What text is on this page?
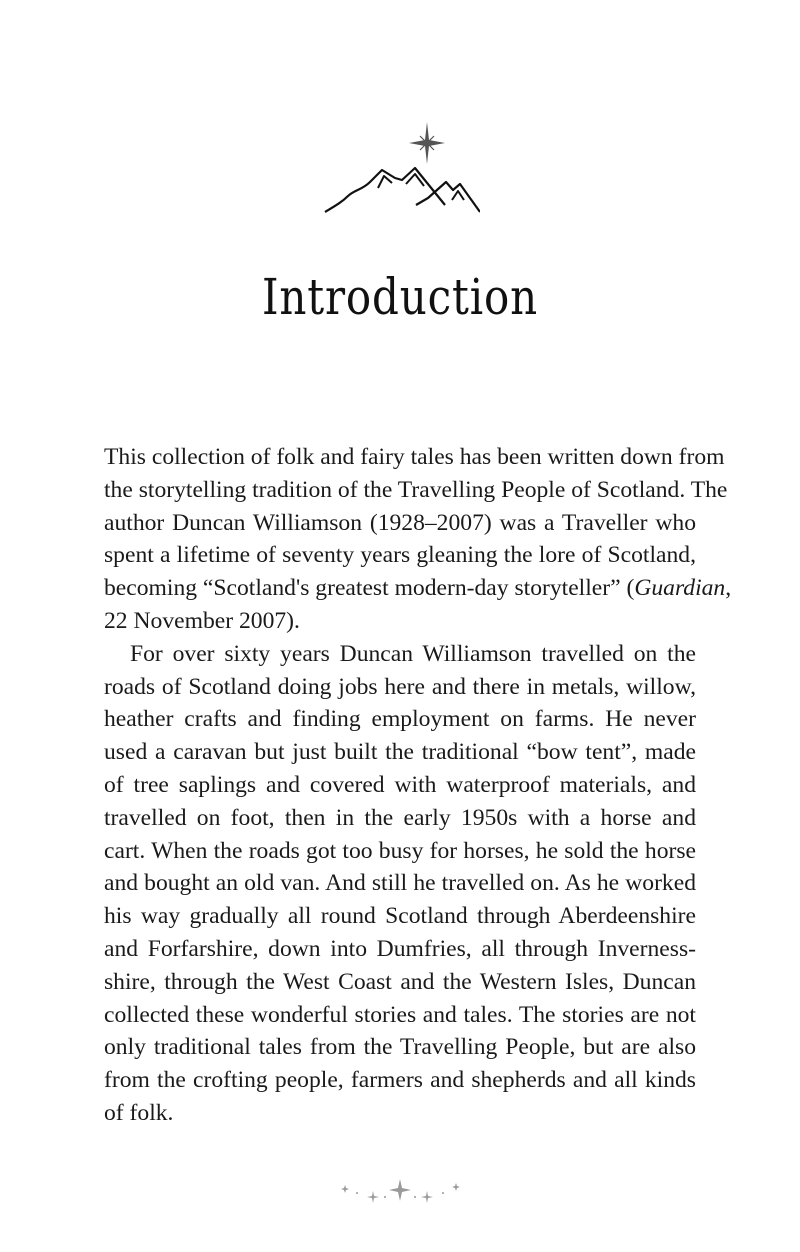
Introduction

This collection of folk and fairy tales has been written down from
the storytelling tradition of the Travelling People of Scotland. The
author Duncan Williamson (1928–2007) was a Traveller who
spent a lifetime of seventy years gleaning the lore of Scotland,
becoming “Scotland's greatest modern-day storyteller” (Guardian,
22 November 2007).

For over sixty years Duncan Williamson travelled on the
roads of Scotland doing jobs here and there in metals, willow,
heather crafts and finding employment on farms. He never
used a caravan but just built the traditional “bow tent”, made
of tree saplings and covered with waterproof materials, and
travelled on foot, then in the early 1950s with a horse and
cart. When the roads got too busy for horses, he sold the horse
and bought an old van. And still he travelled on. As he worked
his way gradually all round Scotland through Aberdeenshire
and Forfarshire, down into Dumfries, all through Inverness-
shire, through the West Coast and the Western Isles, Duncan
collected these wonderful stories and tales. The stories are not
only traditional tales from the Travelling People, but are also
from the crofting people, farmers and shepherds and all kinds
of folk.
